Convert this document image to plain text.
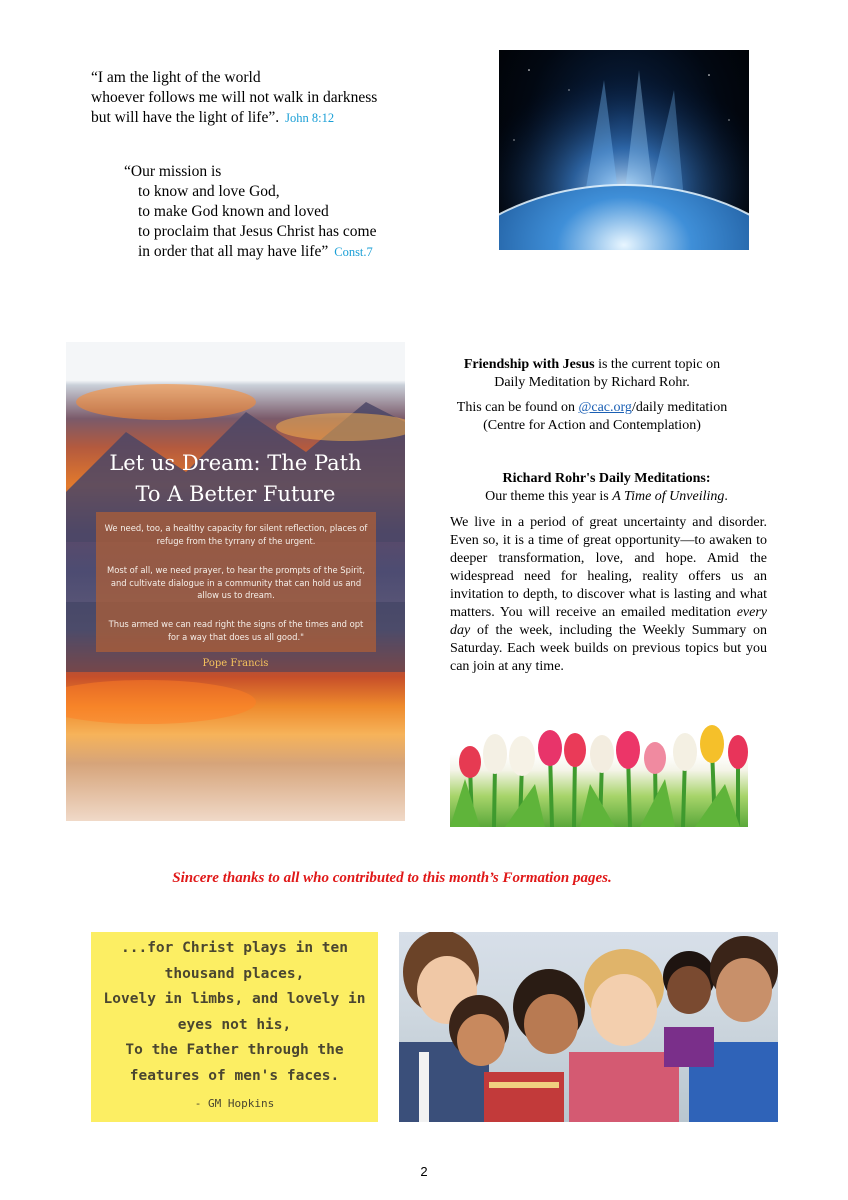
“I am the light of the world
whoever follows me will not walk in darkness
but will have the light of life”. John 8:12
“Our mission is
to know and love God,
to make God known and loved
to proclaim that Jesus Christ has come
in order that all may have life” Const.7
Let us Dream: The Path
To A Better Future

We need, too, a healthy capacity for silent reflection, places of refuge from the tyrrany of the urgent.

Most of all, we need prayer, to hear the prompts of the Spirit, and cultivate dialogue in a community that can hold us and allow us to dream.

Thus armed we can read right the signs of the times and opt for a way that does us all good."

Pope Francis
Friendship with Jesus is the current topic on
Daily Meditation by Richard Rohr.
This can be found on @cac.org/daily meditation
(Centre for Action and Contemplation)
Richard Rohr's Daily Meditations:
Our theme this year is A Time of Unveiling.

We live in a period of great uncertainty and disorder. Even so, it is a time of great opportunity—to awaken to deeper transformation, love, and hope. Amid the widespread need for healing, reality offers us an invitation to depth, to discover what is lasting and what matters. You will receive an emailed meditation every day of the week, including the Weekly Summary on Saturday. Each week builds on previous topics but you can join at any time.

Sincere thanks to all who contributed to this month’s Formation pages.
...for Christ plays in ten
thousand places,
Lovely in limbs, and lovely in
eyes not his,
To the Father through the
features of men's faces.
- GM Hopkins
2
